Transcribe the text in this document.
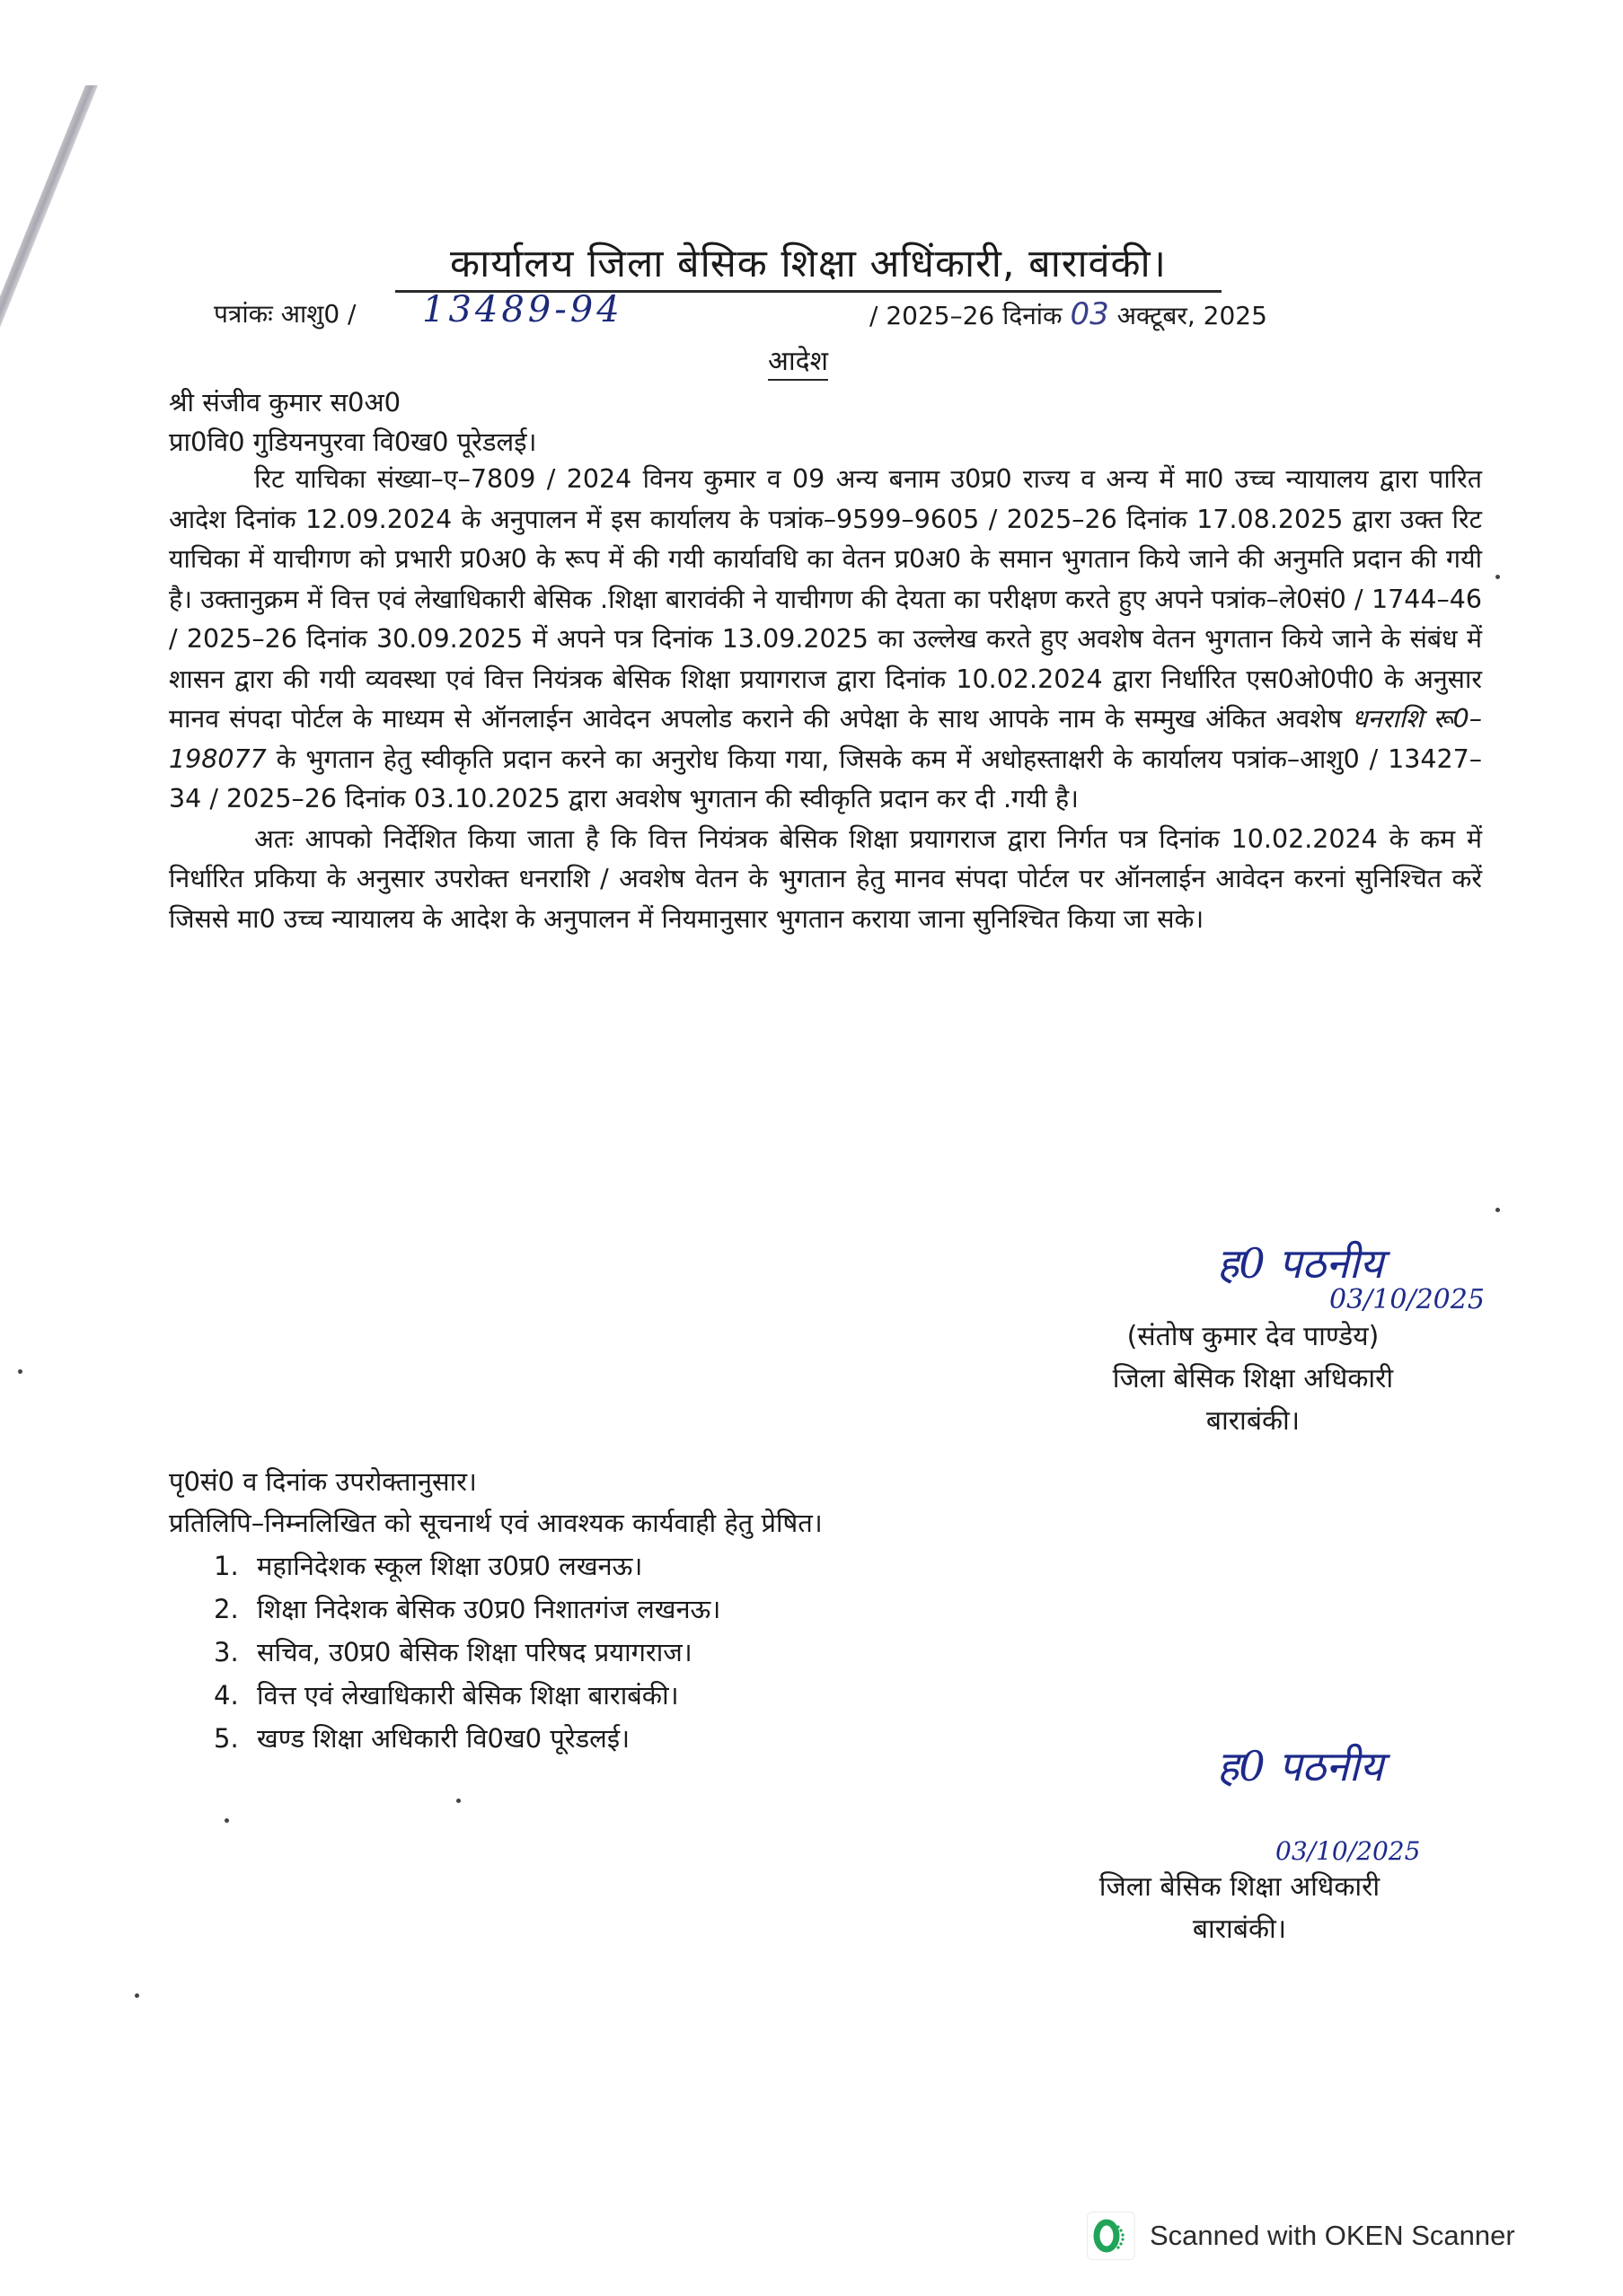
कार्यालय जिला बेसिक शिक्षा अधिंकारी, बारावंकी।
पत्रांकः आशु0 / 13489-94	/ 2025–26 दिनांक 03 अक्टूबर, 2025
आदेश
श्री संजीव कुमार स0अ0
प्रा0वि0 गुडियनपुरवा वि0ख0 पूरेडलई।

रिट याचिका संख्या–ए–7809 / 2024 विनय कुमार व 09 अन्य बनाम उ0प्र0 राज्य व अन्य में मा0 उच्च न्यायालय द्वारा पारित आदेश दिनांक 12.09.2024 के अनुपालन में इस कार्यालय के पत्रांक–9599–9605 / 2025–26 दिनांक 17.08.2025 द्वारा उक्त रिट याचिका में याचीगण को प्रभारी प्र0अ0 के रूप में की गयी कार्यावधि का वेतन प्र0अ0 के समान भुगतान किये जाने की अनुमति प्रदान की गयी है। उक्तानुक्रम में वित्त एवं लेखाधिकारी बेसिक .शिक्षा बारावंकी ने याचीगण की देयता का परीक्षण करते हुए अपने पत्रांक–ले0सं0 / 1744–46 / 2025–26 दिनांक 30.09.2025 में अपने पत्र दिनांक 13.09.2025 का उल्लेख करते हुए अवशेष वेतन भुगतान किये जाने के संबंध में शासन द्वारा की गयी व्यवस्था एवं वित्त नियंत्रक बेसिक शिक्षा प्रयागराज द्वारा दिनांक 10.02.2024 द्वारा निर्धारित एस0ओ0पी0 के अनुसार मानव संपदा पोर्टल के माध्यम से ऑनलाईन आवेदन अपलोड कराने की अपेक्षा के साथ आपके नाम के सम्मुख अंकित अवशेष धनराशि रू0–198077 के भुगतान हेतु स्वीकृति प्रदान करने का अनुरोध किया गया, जिसके कम में अधोहस्ताक्षरी के कार्यालय पत्रांक–आशु0 / 13427–34 / 2025–26 दिनांक 03.10.2025 द्वारा अवशेष भुगतान की स्वीकृति प्रदान कर दी .गयी है।

अतः आपको निर्देशित किया जाता है कि वित्त नियंत्रक बेसिक शिक्षा प्रयागराज द्वारा निर्गत पत्र दिनांक 10.02.2024 के कम में निर्धारित प्रकिया के अनुसार उपरोक्त धनराशि / अवशेष वेतन के भुगतान हेतु मानव संपदा पोर्टल पर ऑनलाईन आवेदन करनां सुनिश्चित करें जिससे मा0 उच्च न्यायालय के आदेश के अनुपालन में नियमानुसार भुगतान कराया जाना सुनिश्चित किया जा सके।

ह0 पठनीय
03/10/2025
(संतोष कुमार देव पाण्डेय)
जिला बेसिक शिक्षा अधिकारी
बाराबंकी।
पृ0सं0 व दिनांक उपरोक्तानुसार।
प्रतिलिपि–निम्नलिखित को सूचनार्थ एवं आवश्यक कार्यवाही हेतु प्रेषित।
1. महानिदेशक स्कूल शिक्षा उ0प्र0 लखनऊ।
2. शिक्षा निदेशक बेसिक उ0प्र0 निशातगंज लखनऊ।
3. सचिव, उ0प्र0 बेसिक शिक्षा परिषद प्रयागराज।
4. वित्त एवं लेखाधिकारी बेसिक शिक्षा बाराबंकी।
5. खण्ड शिक्षा अधिकारी वि0ख0 पूरेडलई।
ह0 पठनीय
03/10/2025
जिला बेसिक शिक्षा अधिकारी
बाराबंकी।
Scanned with OKEN Scanner
